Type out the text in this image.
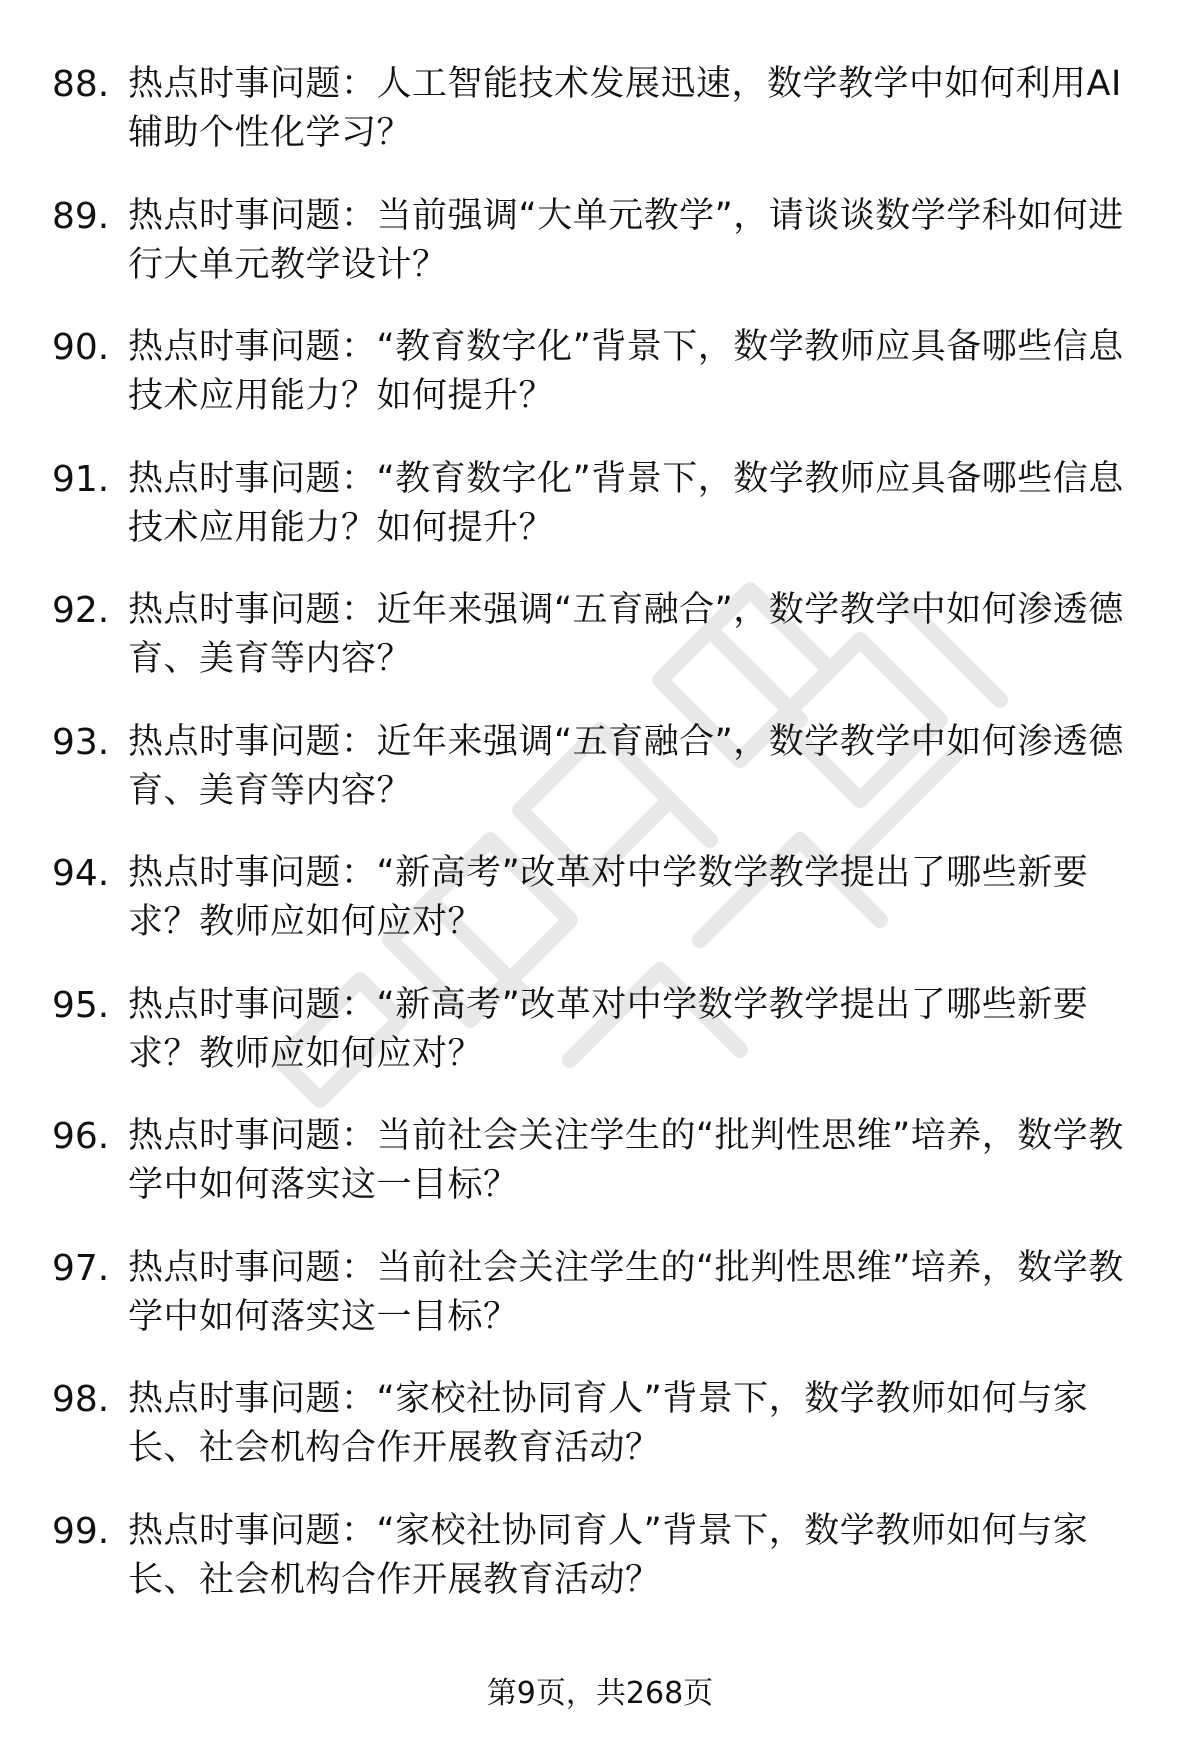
88. 热点时事问题：人工智能技术发展迅速，数学教学中如何利用AI辅助个性化学习？
89. 热点时事问题：当前强调“大单元教学”，请谈谈数学学科如何进行大单元教学设计？
90. 热点时事问题：“教育数字化”背景下，数学教师应具备哪些信息技术应用能力？如何提升？
91. 热点时事问题：“教育数字化”背景下，数学教师应具备哪些信息技术应用能力？如何提升？
92. 热点时事问题：近年来强调“五育融合”，数学教学中如何渗透德育、美育等内容？
93. 热点时事问题：近年来强调“五育融合”，数学教学中如何渗透德育、美育等内容？
94. 热点时事问题：“新高考”改革对中学数学教学提出了哪些新要求？教师应如何应对？
95. 热点时事问题：“新高考”改革对中学数学教学提出了哪些新要求？教师应如何应对？
96. 热点时事问题：当前社会关注学生的“批判性思维”培养，数学教学中如何落实这一目标？
97. 热点时事问题：当前社会关注学生的“批判性思维”培养，数学教学中如何落实这一目标？
98. 热点时事问题：“家校社协同育人”背景下，数学教师如何与家长、社会机构合作开展教育活动？
99. 热点时事问题：“家校社协同育人”背景下，数学教师如何与家长、社会机构合作开展教育活动？
第9页，共268页
